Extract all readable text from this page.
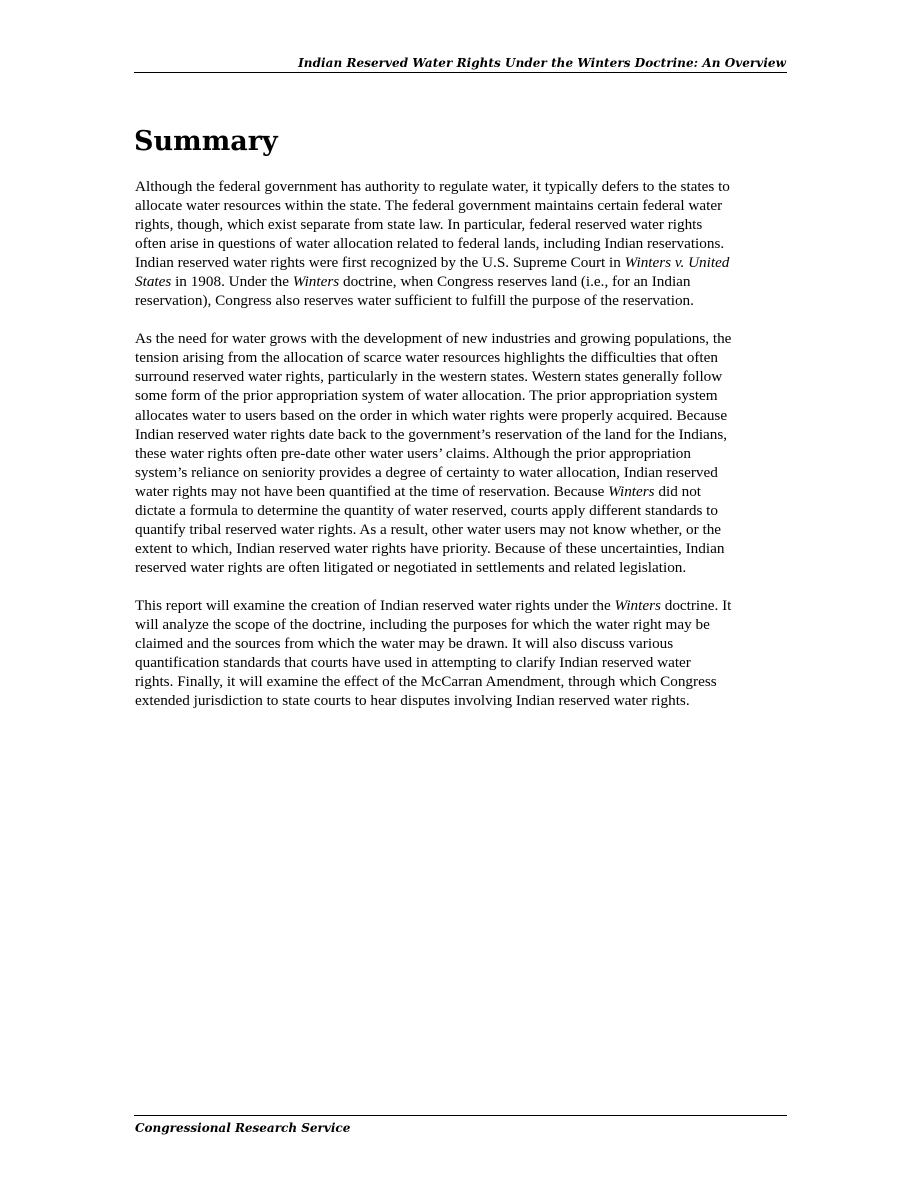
Indian Reserved Water Rights Under the Winters Doctrine: An Overview
Summary

Although the federal government has authority to regulate water, it typically defers to the states to
allocate water resources within the state. The federal government maintains certain federal water
rights, though, which exist separate from state law. In particular, federal reserved water rights
often arise in questions of water allocation related to federal lands, including Indian reservations.
Indian reserved water rights were first recognized by the U.S. Supreme Court in Winters v. United
States in 1908. Under the Winters doctrine, when Congress reserves land (i.e., for an Indian
reservation), Congress also reserves water sufficient to fulfill the purpose of the reservation.

As the need for water grows with the development of new industries and growing populations, the
tension arising from the allocation of scarce water resources highlights the difficulties that often
surround reserved water rights, particularly in the western states. Western states generally follow
some form of the prior appropriation system of water allocation. The prior appropriation system
allocates water to users based on the order in which water rights were properly acquired. Because
Indian reserved water rights date back to the government’s reservation of the land for the Indians,
these water rights often pre-date other water users’ claims. Although the prior appropriation
system’s reliance on seniority provides a degree of certainty to water allocation, Indian reserved
water rights may not have been quantified at the time of reservation. Because Winters did not
dictate a formula to determine the quantity of water reserved, courts apply different standards to
quantify tribal reserved water rights. As a result, other water users may not know whether, or the
extent to which, Indian reserved water rights have priority. Because of these uncertainties, Indian
reserved water rights are often litigated or negotiated in settlements and related legislation.

This report will examine the creation of Indian reserved water rights under the Winters doctrine. It
will analyze the scope of the doctrine, including the purposes for which the water right may be
claimed and the sources from which the water may be drawn. It will also discuss various
quantification standards that courts have used in attempting to clarify Indian reserved water
rights. Finally, it will examine the effect of the McCarran Amendment, through which Congress
extended jurisdiction to state courts to hear disputes involving Indian reserved water rights.

Congressional Research Service
